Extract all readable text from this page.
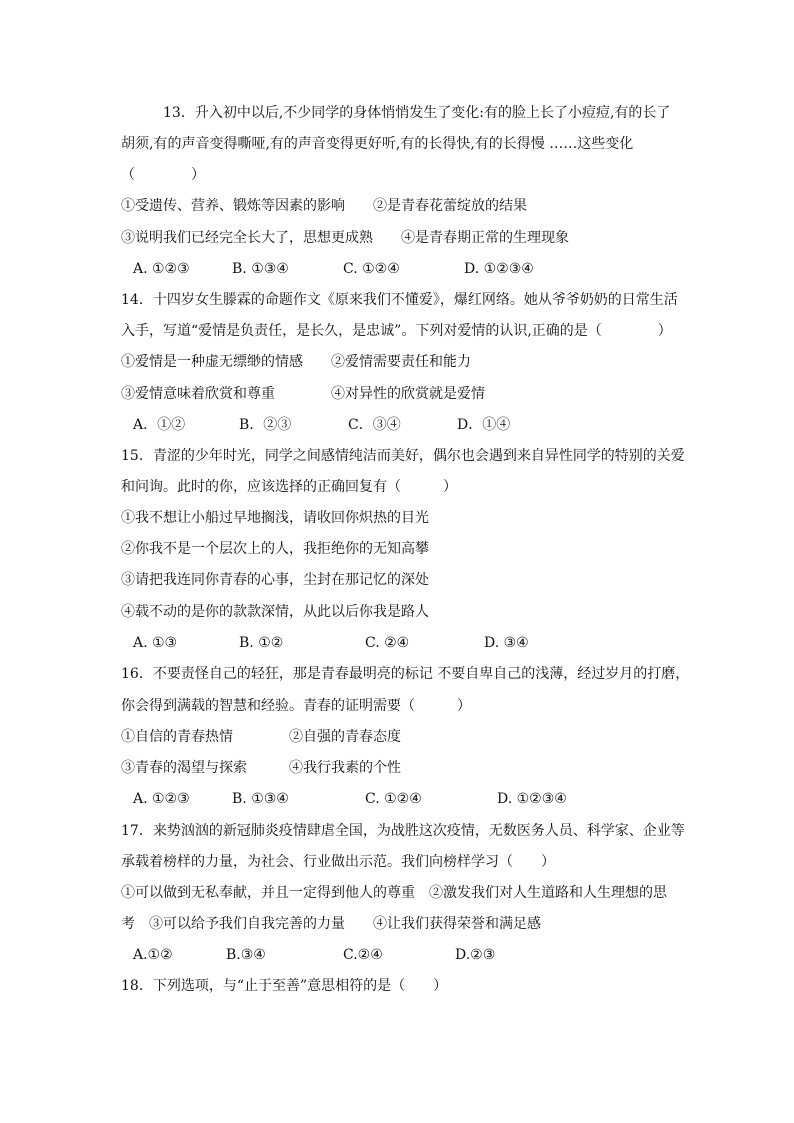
13．升入初中以后,不少同学的身体悄悄发生了变化:有的脸上长了小痘痘,有的长了
胡须,有的声音变得嘶哑,有的声音变得更好听,有的长得快,有的长得慢 ……这些变化
（　　　　）
①受遗传、营养、锻炼等因素的影响　　②是青春花蕾绽放的结果
③说明我们已经完全长大了，思想更成熟　　④是青春期正常的生理现象
A. ①②③	B. ①③④	C. ①②④	D. ①②③④
14．十四岁女生滕霖的命题作文《原来我们不懂爱》，爆红网络。她从爷爷奶奶的日常生活
入手，写道“爱情是负责任，是长久，是忠诚”。下列对爱情的认识,正确的是（　　　　）
①爱情是一种虚无缥缈的情感　　②爱情需要责任和能力
③爱情意味着欣赏和尊重　　　　④对异性的欣赏就是爱情
A．①②	B．②③	C．③④	D．①④
15．青涩的少年时光，同学之间感情纯洁而美好，偶尔也会遇到来自异性同学的特别的关爱
和问询。此时的你，应该选择的正确回复有（　　　）
①我不想让小船过早地搁浅，请收回你炽热的目光
②你我不是一个层次上的人，我拒绝你的无知高攀
③请把我连同你青春的心事，尘封在那记忆的深处
④载不动的是你的款款深情，从此以后你我是路人
A. ①③	B. ①②	C. ②④	D. ③④
16．不要责怪自己的轻狂，那是青春最明亮的标记 不要自卑自己的浅薄，经过岁月的打磨，
你会得到满载的智慧和经验。青春的证明需要（　　　）
①自信的青春热情　　　　②自强的青春态度
③青春的渴望与探索　　　④我行我素的个性
A. ①②③	B. ①③④	C. ①②④	D. ①②③④
17．来势汹汹的新冠肺炎疫情肆虐全国，为战胜这次疫情，无数医务人员、科学家、企业等
承载着榜样的力量，为社会、行业做出示范。我们向榜样学习（　　）
①可以做到无私奉献，并且一定得到他人的尊重　②激发我们对人生道路和人生理想的思
考　③可以给予我们自我完善的力量　　④让我们获得荣誉和满足感
A.①②	B.③④	C.②④	D.②③
18．下列选项，与“止于至善”意思相符的是（　　）
